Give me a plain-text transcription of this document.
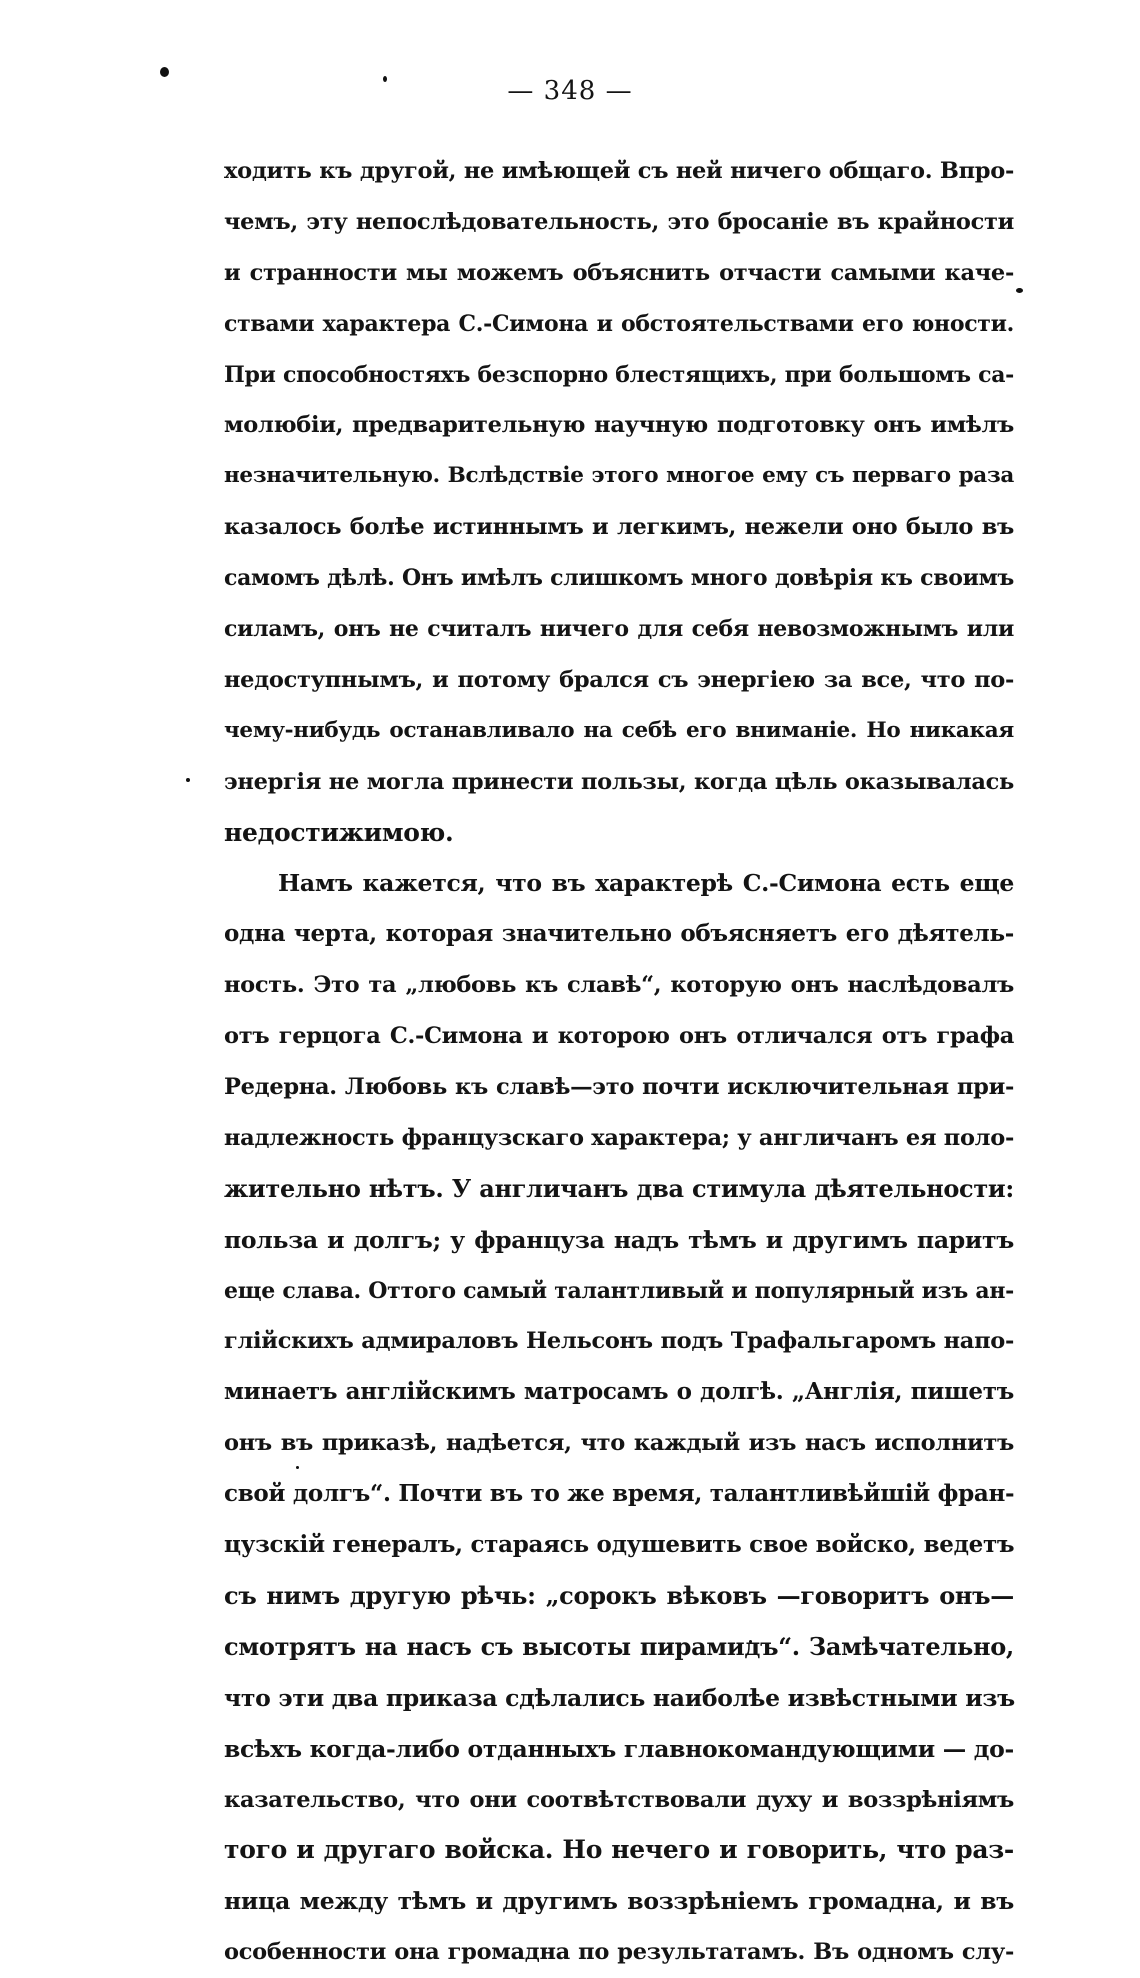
— 348 —
ходить къ другой, не имѣющей съ ней ничего общаго. Впро-
чемъ, эту непослѣдовательность, это бросаніе въ крайности
и странности мы можемъ объяснить отчасти самыми каче-
ствами характера С.-Симона и обстоятельствами его юности.
При способностяхъ безспорно блестящихъ, при большомъ са-
молюбіи, предварительную научную подготовку онъ имѣлъ
незначительную. Вслѣдствіе этого многое ему съ перваго раза
казалось болѣе истиннымъ и легкимъ, нежели оно было въ
самомъ дѣлѣ. Онъ имѣлъ слишкомъ много довѣрія къ своимъ
силамъ, онъ не считалъ ничего для себя невозможнымъ или
недоступнымъ, и потому брался съ энергіею за все, что по-
чему-нибудь останавливало на себѣ его вниманіе. Но никакая
энергія не могла принести пользы, когда цѣль оказывалась
недостижимою.
Намъ кажется, что въ характерѣ С.-Симона есть еще
одна черта, которая значительно объясняетъ его дѣятель-
ность. Это та „любовь къ славѣ“, которую онъ наслѣдовалъ
отъ герцога С.-Симона и которою онъ отличался отъ графа
Редерна. Любовь къ славѣ—это почти исключительная при-
надлежность французскаго характера; у англичанъ ея поло-
жительно нѣтъ. У англичанъ два стимула дѣятельности:
польза и долгъ; у француза надъ тѣмъ и другимъ паритъ
еще слава. Оттого самый талантливый и популярный изъ ан-
глійскихъ адмираловъ Нельсонъ подъ Трафальгаромъ напо-
минаетъ англійскимъ матросамъ о долгѣ. „Англія, пишетъ
онъ въ приказѣ, надѣется, что каждый изъ насъ исполнитъ
свой долгъ“. Почти въ то же время, талантливѣйшій фран-
цузскій генералъ, стараясь одушевить свое войско, ведетъ
съ нимъ другую рѣчь: „сорокъ вѣковъ —говоритъ онъ—
смотрятъ на насъ съ высоты пирамидъ“. Замѣчательно,
что эти два приказа сдѣлались наиболѣе извѣстными изъ
всѣхъ когда-либо отданныхъ главнокомандующими — до-
казательство, что они соотвѣтствовали духу и воззрѣніямъ
того и другаго войска. Но нечего и говорить, что раз-
ница между тѣмъ и другимъ воззрѣніемъ громадна, и въ
особенности она громадна по результатамъ. Въ одномъ слу-
